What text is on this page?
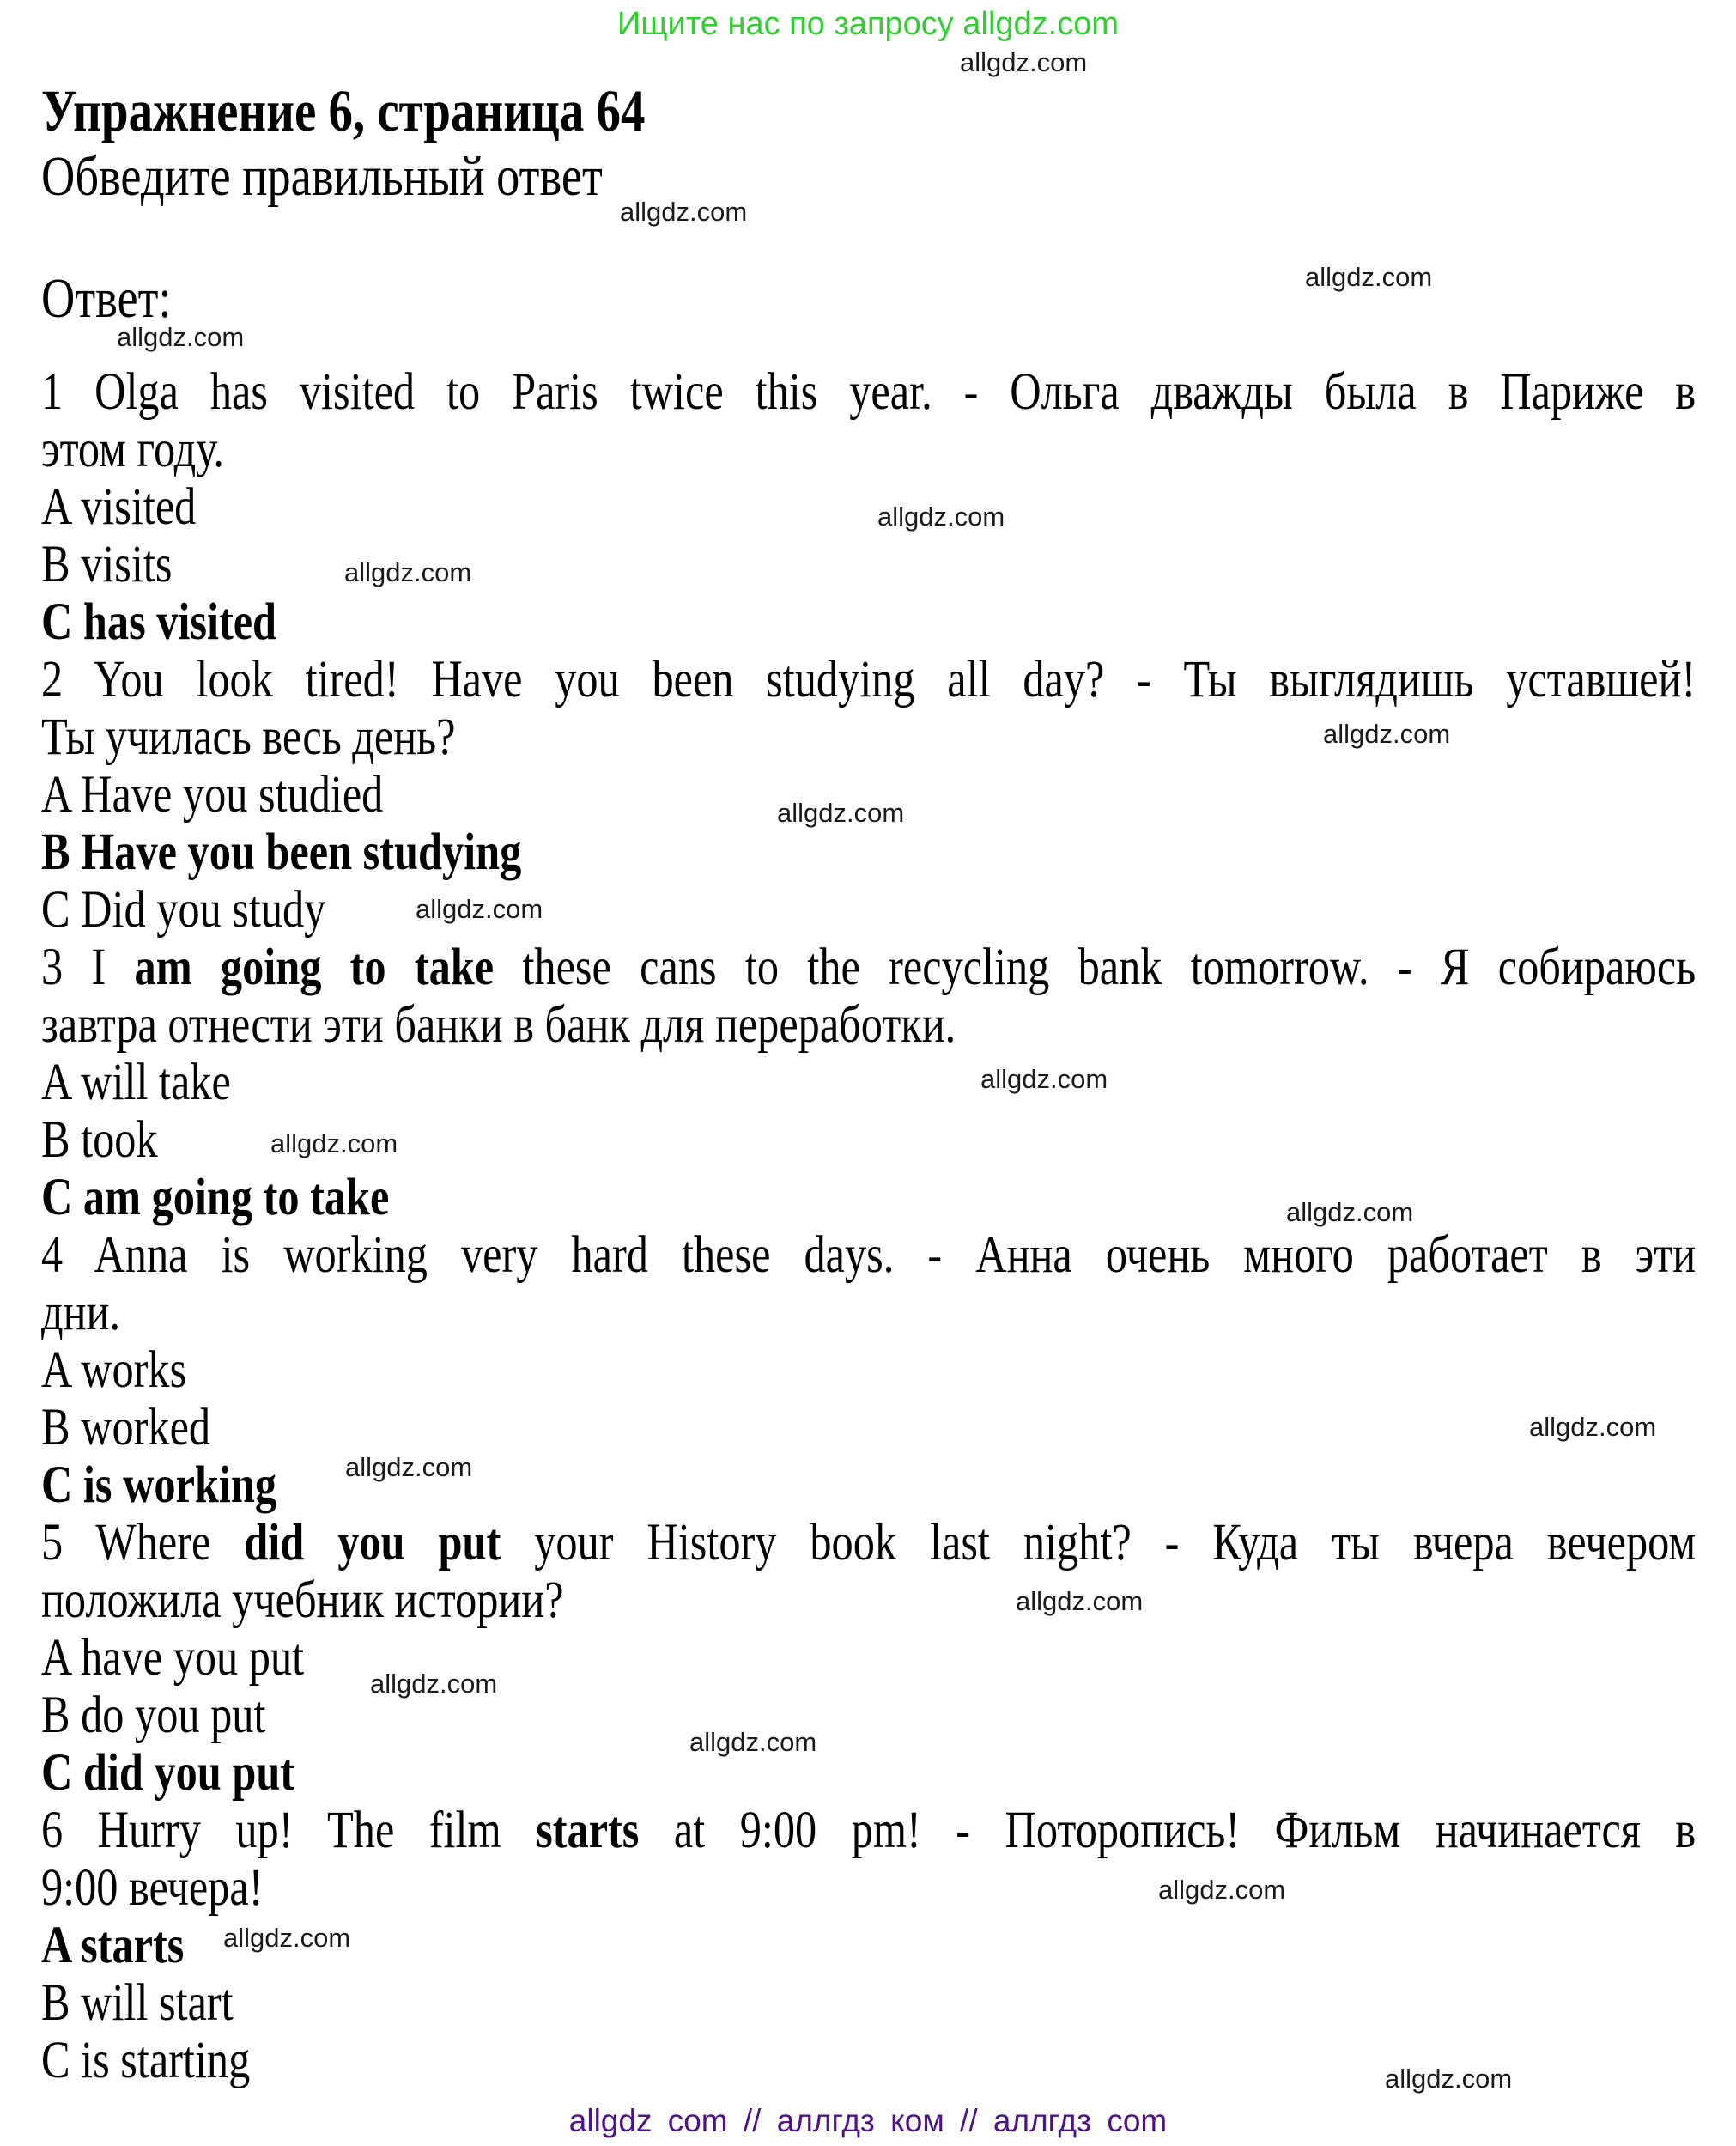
Ищите нас по запросу allgdz.com
Упражнение 6, страница 64
Обведите правильный ответ
Ответ:
1 Olga has visited to Paris twice this year. - Ольга дважды была в Париже в
этом году.
A visited
B visits
C has visited
2 You look tired! Have you been studying all day? - Ты выглядишь уставшей!
Ты училась весь день?
A Have you studied
B Have you been studying
C Did you study
3 I am going to take these cans to the recycling bank tomorrow. - Я собираюсь
завтра отнести эти банки в банк для переработки.
A will take
B took
C am going to take
4 Anna is working very hard these days. - Анна очень много работает в эти
дни.
A works
B worked
C is working
5 Where did you put your History book last night? - Куда ты вчера вечером
положила учебник истории?
A have you put
B do you put
C did you put
6 Hurry up! The film starts at 9:00 pm! - Поторопись! Фильм начинается в
9:00 вечера!
A starts
B will start
C is starting
allgdz.com
allgdz.com
allgdz.com
allgdz.com
allgdz.com
allgdz.com
allgdz.com
allgdz.com
allgdz.com
allgdz.com
allgdz.com
allgdz.com
allgdz.com
allgdz.com
allgdz.com
allgdz.com
allgdz.com
allgdz.com
allgdz.com
allgdz.com
allgdz com // аллгдз ком // аллгдз com
